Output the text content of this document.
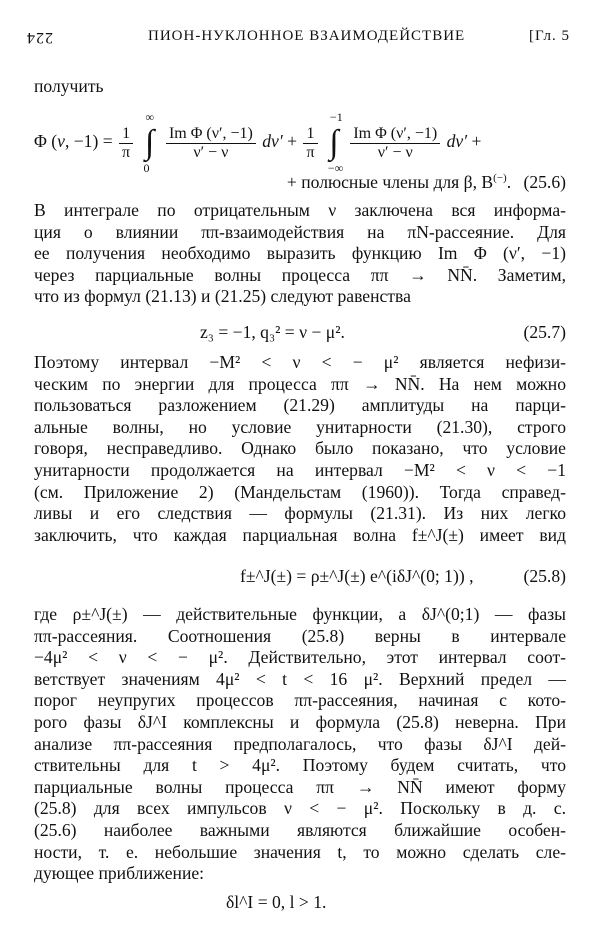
224	ПИОН-НУКЛОННОЕ ВЗАИМОДЕЙСТВИЕ	[Гл. 5
получить
Φ (ν, $-1) = \frac{1}{\pi}$ ∫
∞
0

$\frac{\text{Im Φ (ν′, −1)}}{\nu' - \nu} d\nu' + \frac{1}{\pi}$ ∫
−1
−∞

$\frac{\text{Im Φ (ν′, −1)}}{\nu' - \nu} d\nu'$ +
+ полюсные члены для β, B(−). (25.6)
В интеграле по отрицательным ν заключена вся информа-
ция о влиянии ππ-взаимодействия на πN-рассеяние. Для
ее получения необходимо выразить функцию Im Φ (ν′, −1)
через парциальные волны процесса ππ → NN̄. Заметим,
что из формул (21.13) и (21.25) следуют равенства
z₃ = −1, q₃² = ν − μ².	(25.7)
Поэтому интервал −M² < ν < − μ² является нефизи-
ческим по энергии для процесса ππ → NN̄. На нем можно
пользоваться разложением (21.29) амплитуды на парци-
альные волны, но условие унитарности (21.30), строго
говоря, несправедливо. Однако было показано, что условие
унитарности продолжается на интервал −M² < ν < −1
(см. Приложение 2) (Мандельстам (1960)). Тогда справед-
ливы и его следствия — формулы (21.31). Из них легко
заключить, что каждая парциальная волна f±^J(±) имеет вид
f±^J(±) = ρ±^J(±) e^(iδJ^(0; 1)) ,	(25.8)
где ρ±^J(±) — действительные функции, а δJ^(0;1) — фазы
ππ-рассеяния. Соотношения (25.8) верны в интервале
−4μ² < ν < − μ². Действительно, этот интервал соот-
ветствует значениям 4μ² < t < 16 μ². Верхний предел —
порог неупругих процессов ππ-рассеяния, начиная с кото-
рого фазы δJ^I комплексны и формула (25.8) неверна. При
анализе ππ-рассеяния предполагалось, что фазы δJ^I дей-
ствительны для t > 4μ². Поэтому будем считать, что
парциальные волны процесса ππ → NN̄ имеют форму
(25.8) для всех импульсов ν < − μ². Поскольку в д. с.
(25.6) наиболее важными являются ближайшие особен-
ности, т. е. небольшие значения t, то можно сделать сле-
дующее приближение:
δl^I = 0, l > 1.
